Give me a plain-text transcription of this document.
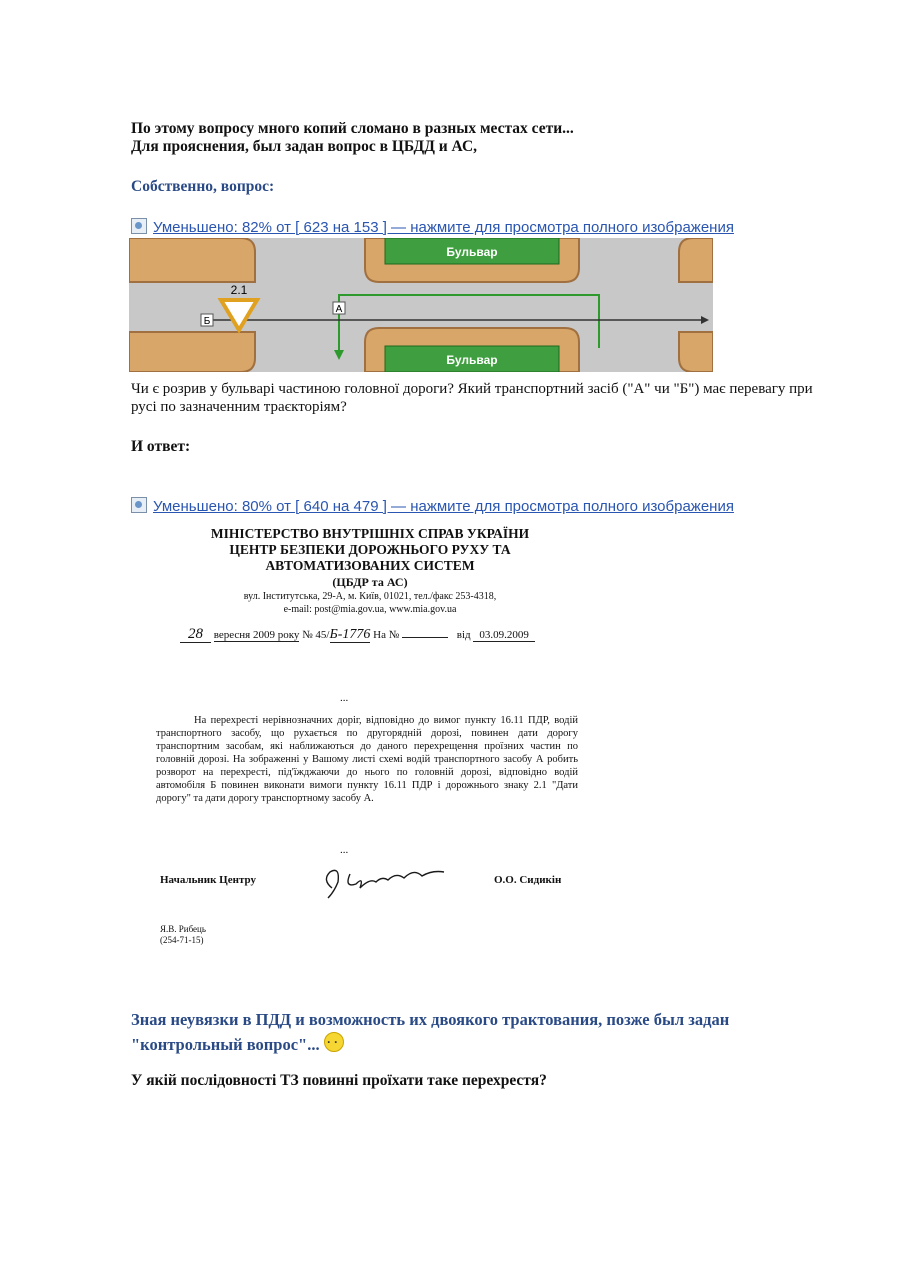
По этому вопросу много копий сломано в разных местах сети...
Для прояснения, был задан вопрос в ЦБДД и АС,
Собственно, вопрос:
Уменьшено: 82% от [ 623 на 153 ] — нажмите для просмотра полного изображения
Бульвар
Бульвар
А
Б
2.1
Чи є розрив у бульварі частиною головної дороги? Який транспортний засіб ("А" чи "Б") має перевагу при русі по зазначенним траєкторіям?
И ответ:
Уменьшено: 80% от [ 640 на 479 ] — нажмите для просмотра полного изображения
МІНІСТЕРСТВО ВНУТРІШНІХ СПРАВ УКРАЇНИ
ЦЕНТР БЕЗПЕКИ ДОРОЖНЬОГО РУХУ ТА
АВТОМАТИЗОВАНИХ СИСТЕМ
(ЦБДР та АС)
вул. Інститутська, 29-А, м. Київ, 01021, тел./факс 253-4318,
e-mail: post@mia.gov.ua, www.mia.gov.ua
28 вересня 2009 року № 45/Б-1776 На №	від 03.09.2009
...
На перехресті нерівнозначних доріг, відповідно до вимог пункту 16.11 ПДР, водій транспортного засобу, що рухається по другорядній дорозі, повинен дати дорогу транспортним засобам, які наближаються до даного перехрещення проїзних частин по головній дорозі. На зображенні у Вашому листі схемі водій транспортного засобу А робить розворот на перехресті, під'їжджаючи до нього по головній дорозі, відповідно водій автомобіля Б повинен виконати вимоги пункту 16.11 ПДР і дорожнього знаку 2.1 "Дати дорогу" та дати дорогу транспортному засобу А.
...
Начальник Центру	О.О. Сидикін
Я.В. Рибець
(254-71-15)
Зная неувязки в ПДД и возможность их двоякого трактования, позже был задан
"контрольный вопрос"... · ·
У якій послідовності ТЗ повинні проїхати таке перехрестя?
